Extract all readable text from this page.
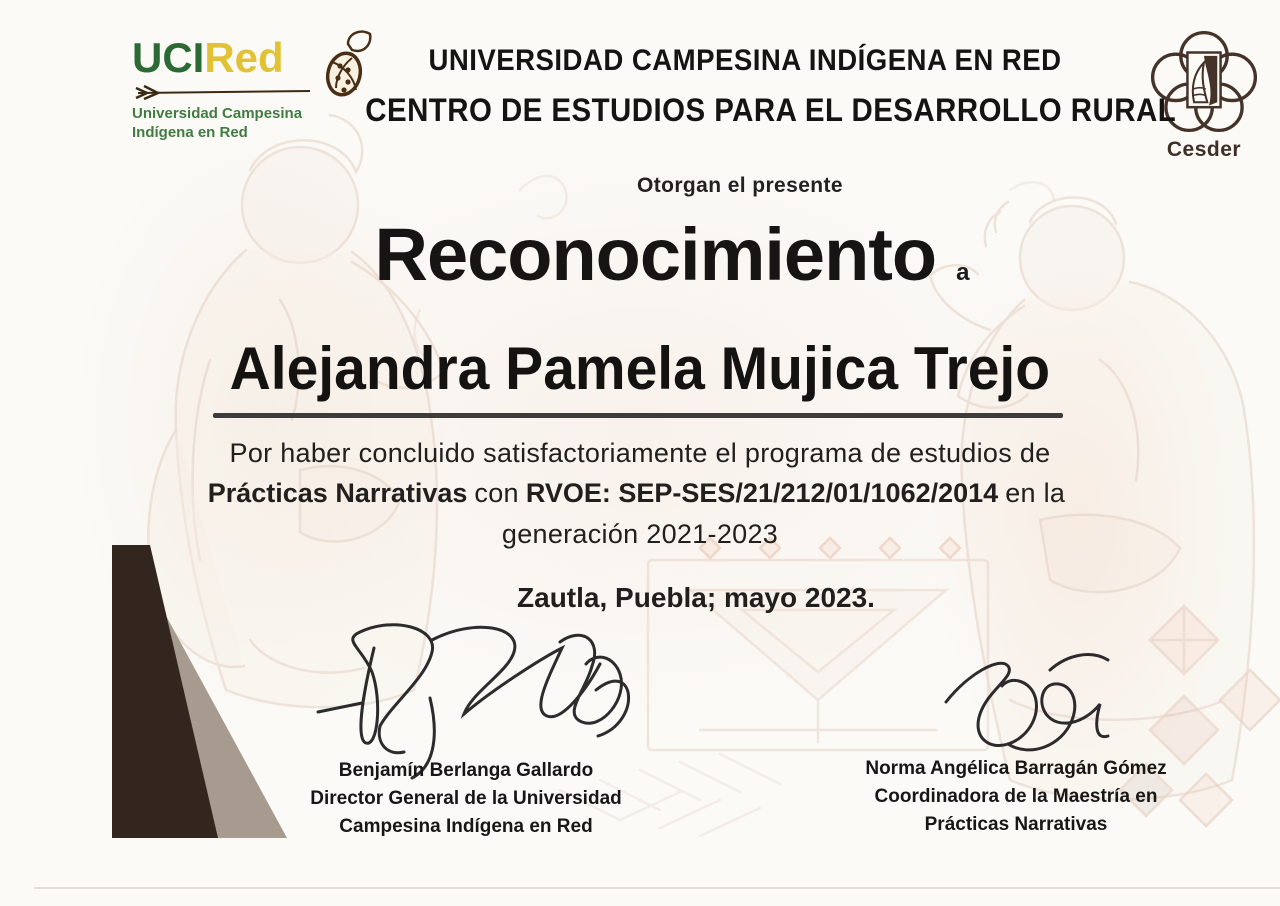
UCIRed
Universidad Campesina
Indígena en Red
Cesder
UNIVERSIDAD CAMPESINA INDÍGENA EN RED
CENTRO DE ESTUDIOS PARA EL DESARROLLO RURAL
Otorgan el presente
Reconocimiento a
Alejandra Pamela Mujica Trejo
Por haber concluido satisfactoriamente el programa de estudios de
Prácticas Narrativas con RVOE: SEP-SES/21/212/01/1062/2014 en la
generación 2021-2023
Zautla, Puebla; mayo 2023.
Benjamín Berlanga Gallardo
Director General de la Universidad
Campesina Indígena en Red
Norma Angélica Barragán Gómez
Coordinadora de la Maestría en
Prácticas Narrativas
